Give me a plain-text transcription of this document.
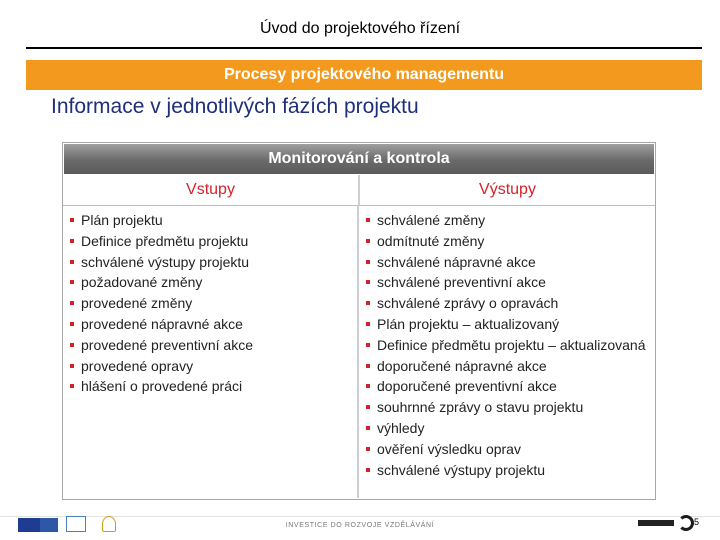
Úvod do projektového řízení
Procesy projektového managementu
Informace v jednotlivých fázích projektu
Monitorování a kontrola
Vstupy	Výstupy
Plán projektu
Definice předmětu projektu
schválené výstupy projektu
požadované změny
provedené změny
provedené nápravné akce
provedené preventivní akce
provedené opravy
hlášení o provedené práci
schválené změny
odmítnuté změny
schválené nápravné akce
schválené preventivní akce
schválené zprávy o opravách
Plán projektu – aktualizovaný
Definice předmětu projektu – aktualizovaná
doporučené nápravné akce
doporučené preventivní akce
souhrnné zprávy o stavu projektu
výhledy
ověření výsledku oprav
schválené výstupy projektu
INVESTICE DO ROZVOJE VZDĚLÁVÁNÍ	5
